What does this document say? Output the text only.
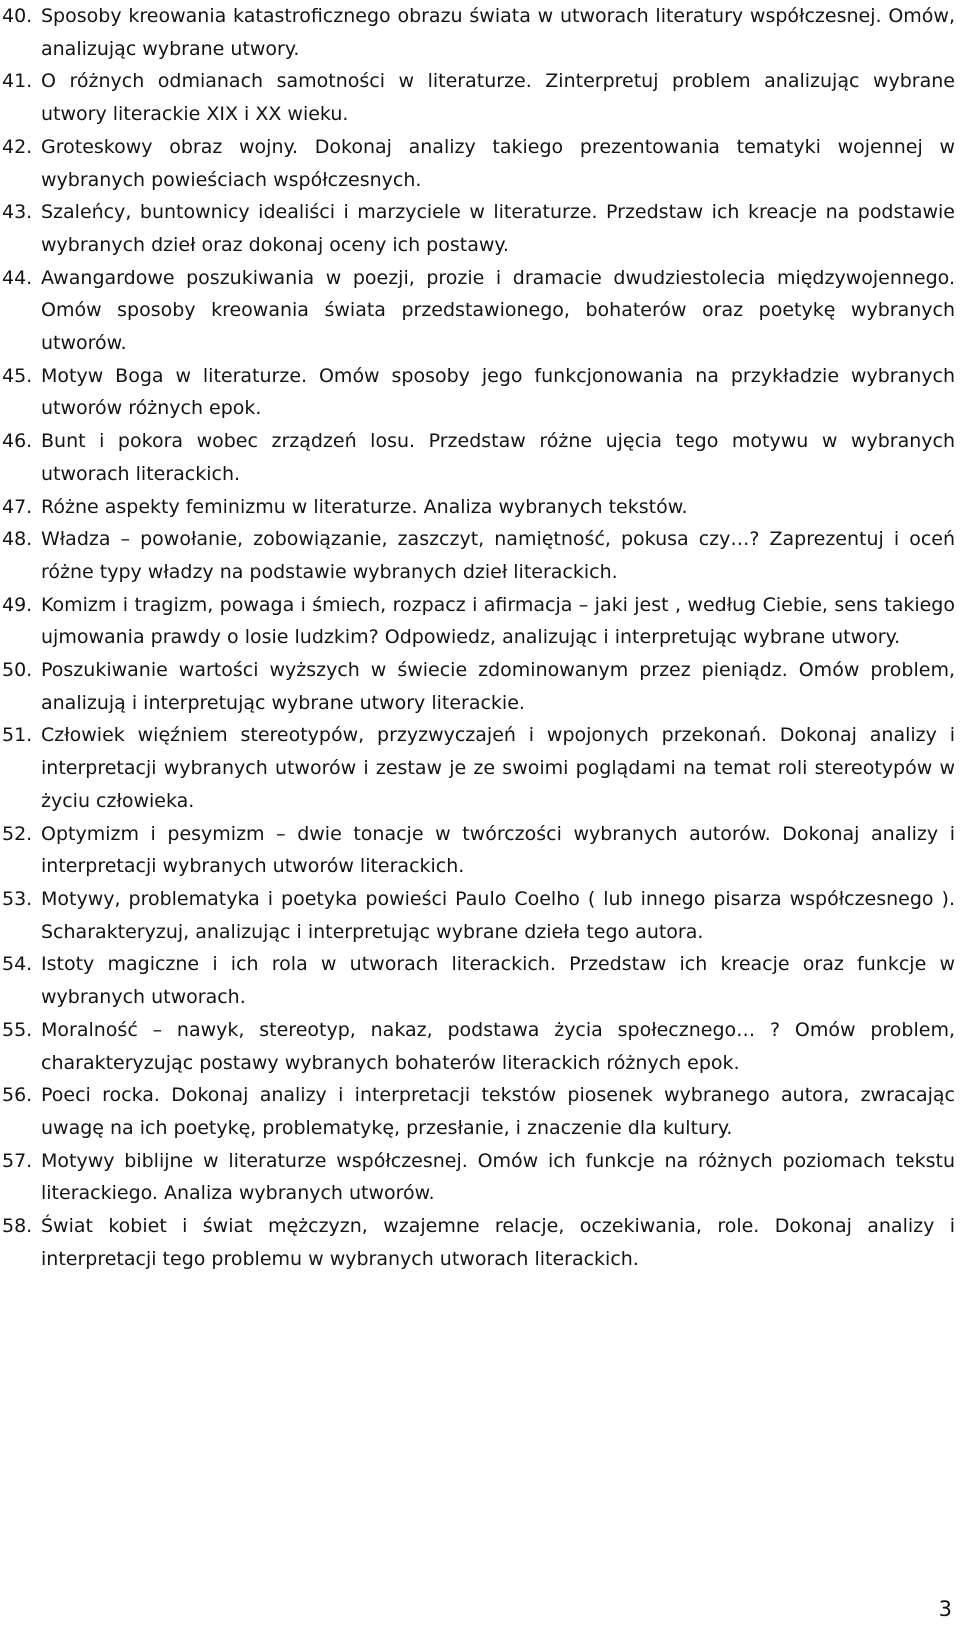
40. Sposoby kreowania katastroficznego obrazu świata w utworach literatury współczesnej. Omów, analizując wybrane utwory.

41. O różnych odmianach samotności w literaturze. Zinterpretuj problem analizując wybrane utwory literackie XIX i XX wieku.

42. Groteskowy obraz wojny. Dokonaj analizy takiego prezentowania tematyki wojennej w wybranych powieściach współczesnych.

43. Szaleńcy, buntownicy idealiści i marzyciele w literaturze. Przedstaw ich kreacje na podstawie wybranych dzieł oraz dokonaj oceny ich postawy.

44. Awangardowe poszukiwania w poezji, prozie i dramacie dwudziestolecia międzywojennego. Omów sposoby kreowania świata przedstawionego, bohaterów oraz poetykę wybranych utworów.

45. Motyw Boga w literaturze. Omów sposoby jego funkcjonowania na przykładzie wybranych utworów różnych epok.

46. Bunt i pokora wobec zrządzeń losu. Przedstaw różne ujęcia tego motywu w wybranych utworach literackich.

47. Różne aspekty feminizmu w literaturze. Analiza wybranych tekstów.

48. Władza – powołanie, zobowiązanie, zaszczyt, namiętność, pokusa czy…? Zaprezentuj i oceń różne typy władzy na podstawie wybranych dzieł literackich.

49. Komizm i tragizm, powaga i śmiech, rozpacz i afirmacja – jaki jest , według Ciebie, sens takiego ujmowania prawdy o losie ludzkim? Odpowiedz, analizując i interpretując wybrane utwory.

50. Poszukiwanie wartości wyższych w świecie zdominowanym przez pieniądz. Omów problem, analizują i interpretując wybrane utwory literackie.

51. Człowiek więźniem stereotypów, przyzwyczajeń i wpojonych przekonań. Dokonaj analizy i interpretacji wybranych utworów i zestaw je ze swoimi poglądami na temat roli stereotypów w życiu człowieka.

52. Optymizm i pesymizm – dwie tonacje w twórczości wybranych autorów. Dokonaj analizy i interpretacji wybranych utworów literackich.

53. Motywy, problematyka i poetyka powieści Paulo Coelho ( lub innego pisarza współczesnego ). Scharakteryzuj, analizując i interpretując wybrane dzieła tego autora.

54. Istoty magiczne i ich rola w utworach literackich. Przedstaw ich kreacje oraz funkcje w wybranych utworach.

55. Moralność – nawyk, stereotyp, nakaz, podstawa życia społecznego… ? Omów problem, charakteryzując postawy wybranych bohaterów literackich różnych epok.

56. Poeci rocka. Dokonaj analizy i interpretacji tekstów piosenek wybranego autora, zwracając uwagę na ich poetykę, problematykę, przesłanie, i znaczenie dla kultury.

57. Motywy biblijne w literaturze współczesnej. Omów ich funkcje na różnych poziomach tekstu literackiego. Analiza wybranych utworów.

58. Świat kobiet i świat mężczyzn, wzajemne relacje, oczekiwania, role. Dokonaj analizy i interpretacji tego problemu w wybranych utworach literackich.

3
